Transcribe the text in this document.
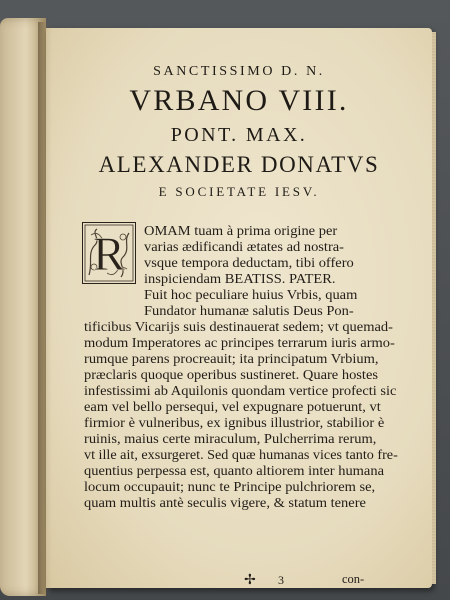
SANCTISSIMO D. N.
VRBANO VIII.
PONT. MAX.
ALEXANDER DONATVS
E SOCIETATE IESV.
R OMAM tuam à prima origine per
varias ædificandi ætates ad nostra-
vsque tempora deductam, tibi offero
inspiciendam BEATISS. PATER.
Fuit hoc peculiare huius Vrbis, quam
Fundator humanæ salutis Deus Pon-
tificibus Vicarijs suis destinauerat sedem; vt quemad-
modum Imperatores ac principes terrarum iuris armo-
rumque parens procreauit; ita principatum Vrbium,
præclaris quoque operibus sustineret. Quare hostes
infestissimi ab Aquilonis quondam vertice profecti sic
eam vel bello persequi, vel expugnare potuerunt, vt
firmior è vulneribus, ex ignibus illustrior, stabilior è
ruinis, maius certe miraculum, Pulcherrima rerum,
vt ille ait, exsurgeret. Sed quæ humanas vices tanto fre-
quentius perpessa est, quanto altiorem inter humana
locum occupauit; nunc te Principe pulchriorem se,
quam multis antè seculis vigere, & statum tenere
✢ 3	con-
